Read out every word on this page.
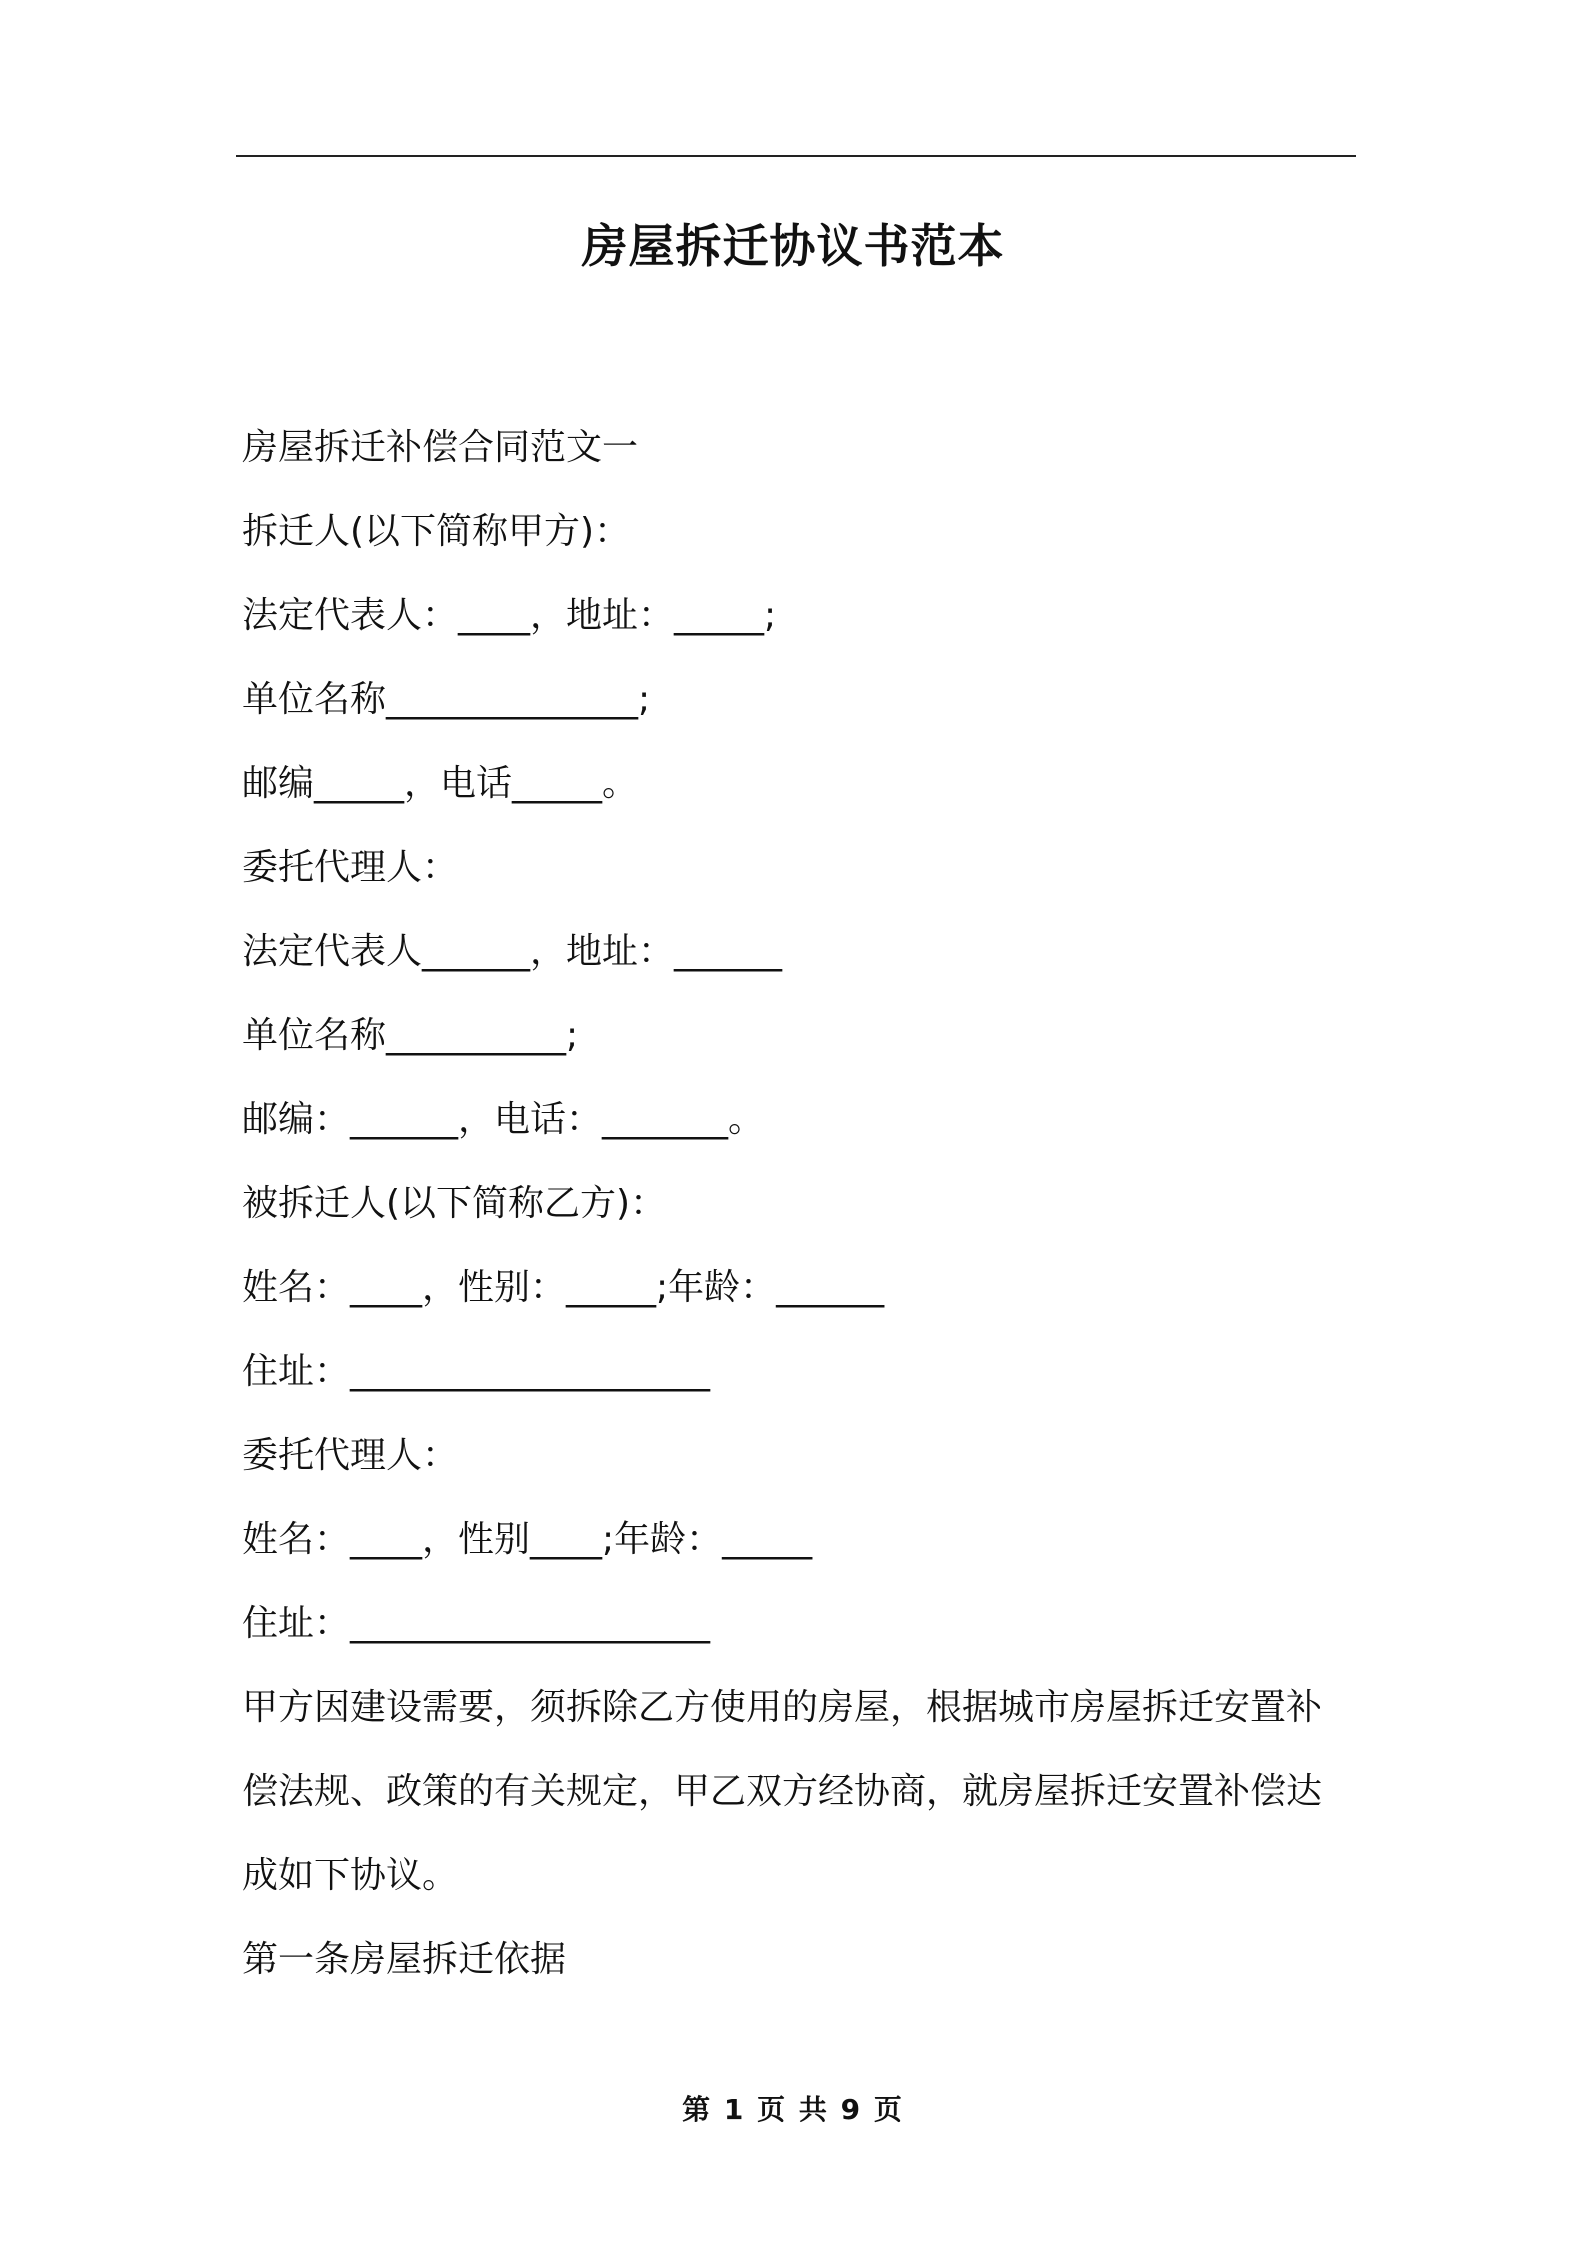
房屋拆迁协议书范本
房屋拆迁补偿合同范文一
拆迁人(以下简称甲方)：
法定代表人：____，地址：_____;
单位名称______________;
邮编_____，电话_____。
委托代理人：
法定代表人______，地址：______
单位名称__________;
邮编：______，电话：_______。
被拆迁人(以下简称乙方)：
姓名：____，性别：_____;年龄：______
住址：____________________
委托代理人：
姓名：____，性别____;年龄：_____
住址：____________________
甲方因建设需要，须拆除乙方使用的房屋，根据城市房屋拆迁安置补
偿法规、政策的有关规定，甲乙双方经协商，就房屋拆迁安置补偿达
成如下协议。
第一条房屋拆迁依据
第 1 页 共 9 页
